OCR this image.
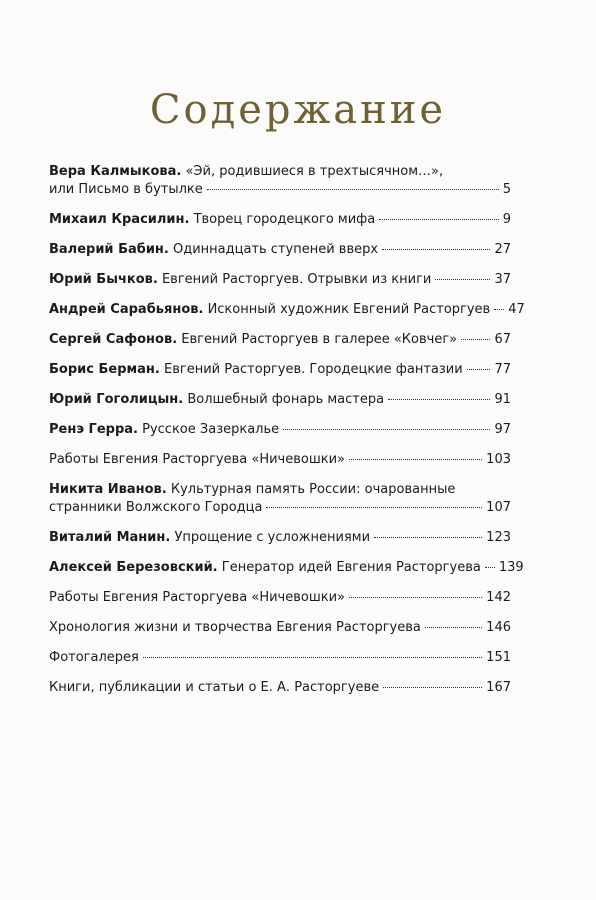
Содержание
Вера Калмыкова. «Эй, родившиеся в трехтысячном…»,
или Письмо в бутылке	5
Михаил Красилин. Творец городецкого мифа	9
Валерий Бабин. Одиннадцать ступеней вверх	27
Юрий Бычков. Евгений Расторгуев. Отрывки из книги	37
Андрей Сарабьянов. Исконный художник Евгений Расторгуев 47
Сергей Сафонов. Евгений Расторгуев в галерее «Ковчег»	67
Борис Берман. Евгений Расторгуев. Городецкие фантазии 77
Юрий Гоголицын. Волшебный фонарь мастера	91
Ренэ Герра. Русское Зазеркалье	97
Работы Евгения Расторгуева «Ничевошки»	103
Никита Иванов. Культурная память России: очарованные
странники Волжского Городца	107
Виталий Манин. Упрощение с усложнениями	123
Алексей Березовский. Генератор идей Евгения Расторгуева 139
Работы Евгения Расторгуева «Ничевошки»	142
Хронология жизни и творчества Евгения Расторгуева	146
Фотогалерея	151
Книги, публикации и статьи о Е. А. Расторгуеве	167
